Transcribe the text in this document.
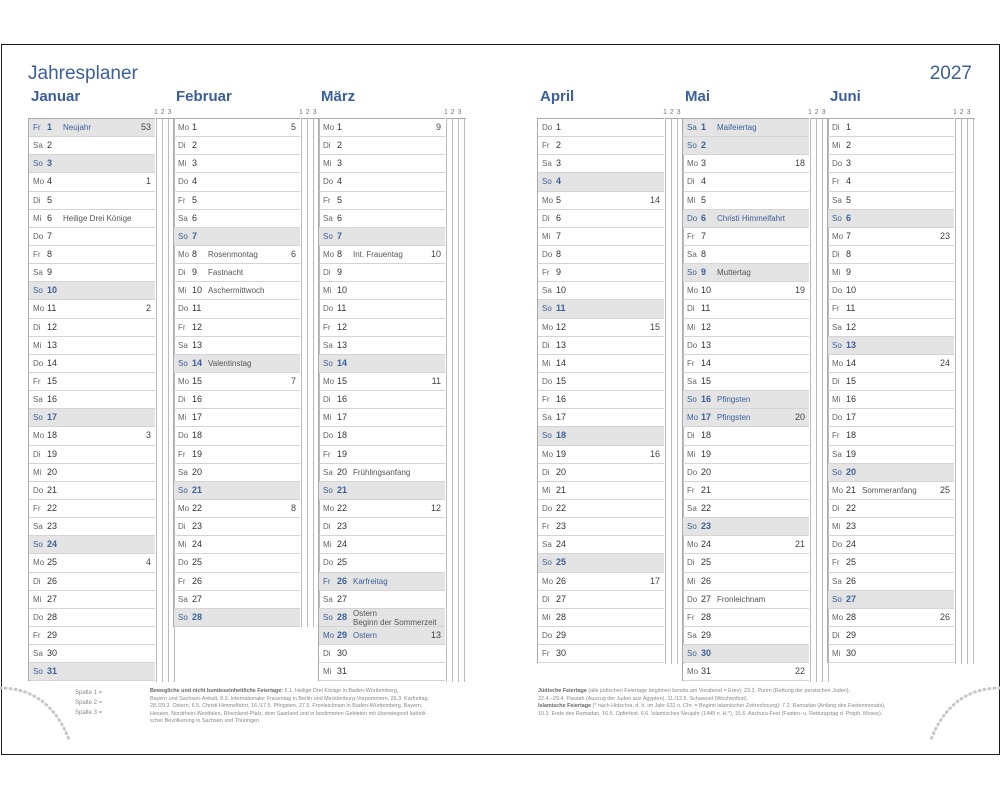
Jahresplaner	2027
Januar
1 2 3
Fr 1 Neujahr	53
Sa 2
So 3
Mo 4	1
Di 5
Mi 6 Heilige Drei Könige
Do 7
Fr 8
Sa 9
So 10
Mo 11	2
Di 12
Mi 13
Do 14
Fr 15
Sa 16
So 17
Mo 18	3
Di 19
Mi 20
Do 21
Fr 22
Sa 23
So 24
Mo 25	4
Di 26
Mi 27
Do 28
Fr 29
Sa 30
So 31
Februar
1 2 3
Mo 1	5
Di 2
Mi 3
Do 4
Fr 5
Sa 6
So 7
Mo 8 Rosenmontag	6
Di 9 Fastnacht
Mi 10 Aschermittwoch
Do 11
Fr 12
Sa 13
So 14 Valentinstag
Mo 15	7
Di 16
Mi 17
Do 18
Fr 19
Sa 20
So 21
Mo 22	8
Di 23
Mi 24
Do 25
Fr 26
Sa 27
So 28
März
1 2 3
Mo 1	9
Di 2
Mi 3
Do 4
Fr 5
Sa 6
So 7
Mo 8 Int. Frauentag	10
Di 9
Mi 10
Do 11
Fr 12
Sa 13
So 14
Mo 15	11
Di 16
Mi 17
Do 18
Fr 19
Sa 20 Frühlingsanfang
So 21
Mo 22	12
Di 23
Mi 24
Do 25
Fr 26 Karfreitag
Sa 27
So 28 Ostern
Beginn der Sommerzeit
Mo 29 Ostern	13
Di 30
Mi 31
April
1 2 3
Do 1
Fr 2
Sa 3
So 4
Mo 5	14
Di 6
Mi 7
Do 8
Fr 9
Sa 10
So 11
Mo 12	15
Di 13
Mi 14
Do 15
Fr 16
Sa 17
So 18
Mo 19	16
Di 20
Mi 21
Do 22
Fr 23
Sa 24
So 25
Mo 26	17
Di 27
Mi 28
Do 29
Fr 30
Mai
1 2 3
Sa 1 Maifeiertag
So 2
Mo 3	18
Di 4
Mi 5
Do 6 Christi Himmelfahrt
Fr 7
Sa 8
So 9 Muttertag
Mo 10	19
Di 11
Mi 12
Do 13
Fr 14
Sa 15
So 16 Pfingsten
Mo 17 Pfingsten	20
Di 18
Mi 19
Do 20
Fr 21
Sa 22
So 23
Mo 24	21
Di 25
Mi 26
Do 27 Fronleichnam
Fr 28
Sa 29
So 30
Mo 31	22
Juni
1 2 3
Di 1
Mi 2
Do 3
Fr 4
Sa 5
So 6
Mo 7	23
Di 8
Mi 9
Do 10
Fr 11
Sa 12
So 13
Mo 14	24
Di 15
Mi 16
Do 17
Fr 18
Sa 19
So 20
Mo 21 Sommeranfang	25
Di 22
Mi 23
Do 24
Fr 25
Sa 26
So 27
Mo 28	26
Di 29
Mi 30
Spalte 1 =
Spalte 2 =
Spalte 3 =
Bewegliche und nicht bundeseinheitliche Feiertage: 6.1. Heilige Drei Könige in Baden-Württemberg,
Bayern und Sachsen-Anhalt, 8.3. Internationaler Frauentag in Berlin und Mecklenburg-Vorpommern, 26.3. Karfreitag,
28./29.3. Ostern, 6.5. Christi Himmelfahrt, 16./17.5. Pfingsten, 27.5. Fronleichnam in Baden-Württemberg, Bayern,
Hessen, Nordrhein-Westfalen, Rheinland-Pfalz, dem Saarland und in bestimmten Gebieten mit überwiegend katholi-
scher Bevölkerung in Sachsen und Thüringen.
Jüdische Feiertage (alle jüdischen Feiertage beginnen bereits am Vorabend = Erev): 23.3. Purim (Rettung der persischen Juden),
22.4.–29.4. Passah (Auszug der Juden aus Ägypten), 11./12.6. Schawuot (Wochenfest).
Islamische Feiertage (* nach Hidschra, d. h. im Jahr 622 n. Chr. = Beginn islamischer Zeitrechnung): 7.2. Ramadan (Anfang des Fastenmonats),
10.3. Ende des Ramadan, 16.5. Opferfest, 6.6. Islamisches Neujahr (1449 n. H.*), 15.6. Aschura-Fest (Fasten- u. Rettungstag d. Proph. Moses).
